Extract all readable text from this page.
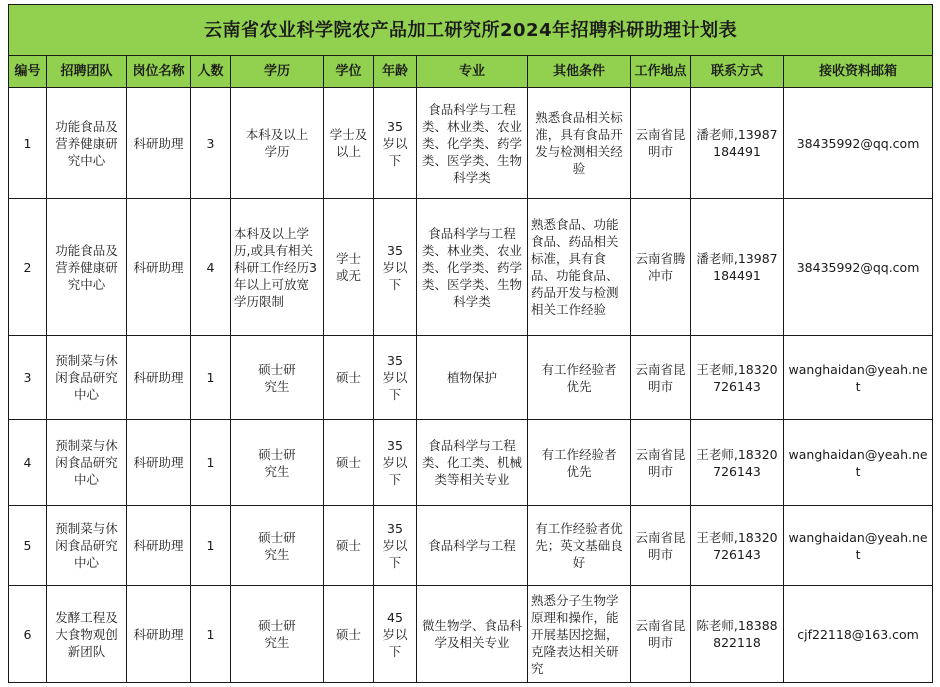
云南省农业科学院农产品加工研究所2024年招聘科研助理计划表											
编号	招聘团队	岗位名称	人数	学历	学位	年龄	专业	其他条件	工作地点	联系方式	接收资料邮箱
1	功能食品及营养健康研究中心	科研助理	3	本科及以上学历	学士及以上	35岁以下	食品科学与工程类、林业类、农业类、化学类、药学类、医学类、生物科学类	熟悉食品相关标准，具有食品开发与检测相关经验	云南省昆明市	潘老师,13987184491	38435992@qq.com
2	功能食品及营养健康研究中心	科研助理	4	本科及以上学历,或具有相关科研工作经历3年以上可放宽学历限制	学士或无	35岁以下	食品科学与工程类、林业类、农业类、化学类、药学类、医学类、生物科学类	熟悉食品、功能食品、药品相关标准，具有食品、功能食品、药品开发与检测相关工作经验	云南省腾冲市	潘老师,13987184491	38435992@qq.com
3	预制菜与休闲食品研究中心	科研助理	1	硕士研究生	硕士	35岁以下	植物保护	有工作经验者优先	云南省昆明市	王老师,18320726143	wanghaidan@yeah.net
4	预制菜与休闲食品研究中心	科研助理	1	硕士研究生	硕士	35岁以下	食品科学与工程类、化工类、机械类等相关专业	有工作经验者优先	云南省昆明市	王老师,18320726143	wanghaidan@yeah.net
5	预制菜与休闲食品研究中心	科研助理	1	硕士研究生	硕士	35岁以下	食品科学与工程	有工作经验者优先；英文基础良好	云南省昆明市	王老师,18320726143	wanghaidan@yeah.net
6	发酵工程及大食物观创新团队	科研助理	1	硕士研究生	硕士	45岁以下	微生物学、食品科学及相关专业	熟悉分子生物学原理和操作，能开展基因挖掘，克隆表达相关研究	云南省昆明市	陈老师,18388822118	cjf22118@163.com
